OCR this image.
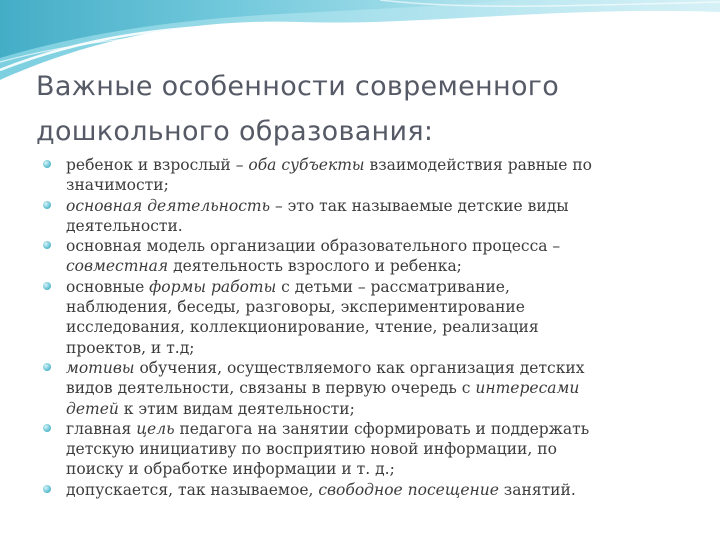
Важные особенности современного
дошкольного образования:
ребенок и взрослый – оба субъекты взаимодействия равные по
значимости;
основная деятельность – это так называемые детские виды
деятельности.
основная модель организации образовательного процесса –
совместная деятельность взрослого и ребенка;
основные формы работы с детьми – рассматривание,
наблюдения, беседы, разговоры, экспериментирование
исследования, коллекционирование, чтение, реализация
проектов, и т.д;
мотивы обучения, осуществляемого как организация детских
видов деятельности, связаны в первую очередь с интересами
детей к этим видам деятельности;
главная цель педагога на занятии сформировать и поддержать
детскую инициативу по восприятию новой информации, по
поиску и обработке информации и т. д.;
допускается, так называемое, свободное посещение занятий.
